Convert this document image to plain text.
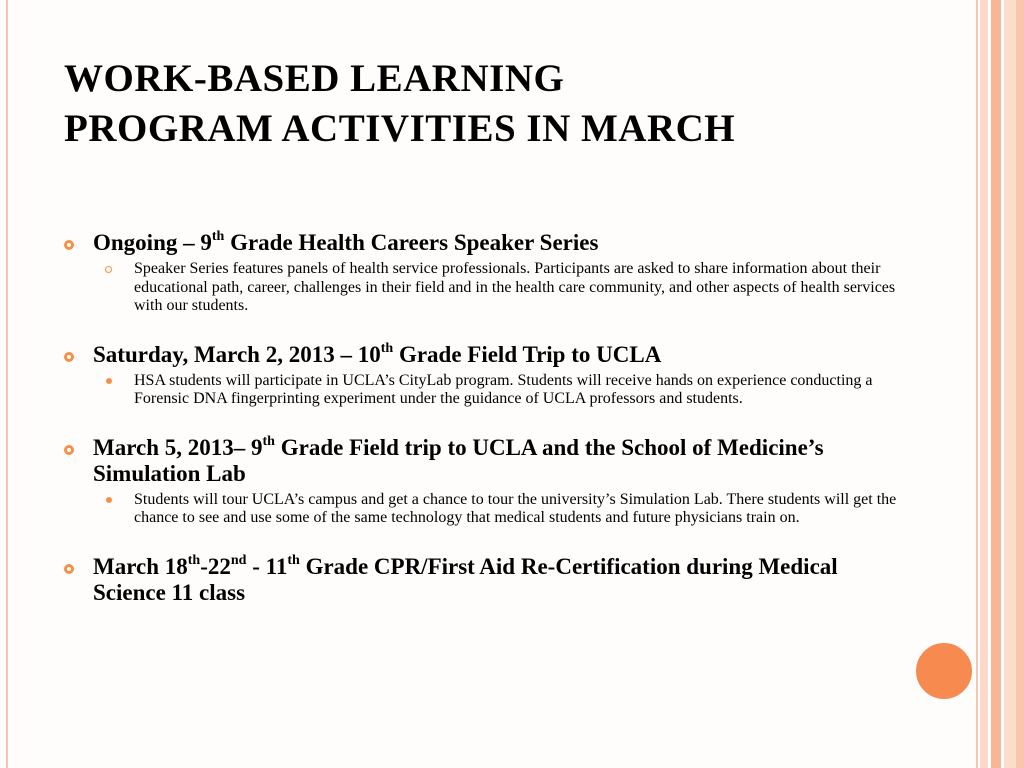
WORK-BASED LEARNING
PROGRAM ACTIVITIES IN MARCH
Ongoing – 9th Grade Health Careers Speaker Series
Speaker Series features panels of health service professionals. Participants are asked to share information about their educational path, career, challenges in their field and in the health care community, and other aspects of health services with our students.
Saturday, March 2, 2013 – 10th Grade Field Trip to UCLA
HSA students will participate in UCLA’s CityLab program. Students will receive hands on experience conducting a Forensic DNA fingerprinting experiment under the guidance of UCLA professors and students.
March 5, 2013– 9th Grade Field trip to UCLA and the School of Medicine’s Simulation Lab
Students will tour UCLA’s campus and get a chance to tour the university’s Simulation Lab. There students will get the chance to see and use some of the same technology that medical students and future physicians train on.
March 18th-22nd - 11th Grade CPR/First Aid Re-Certification during Medical Science 11 class
